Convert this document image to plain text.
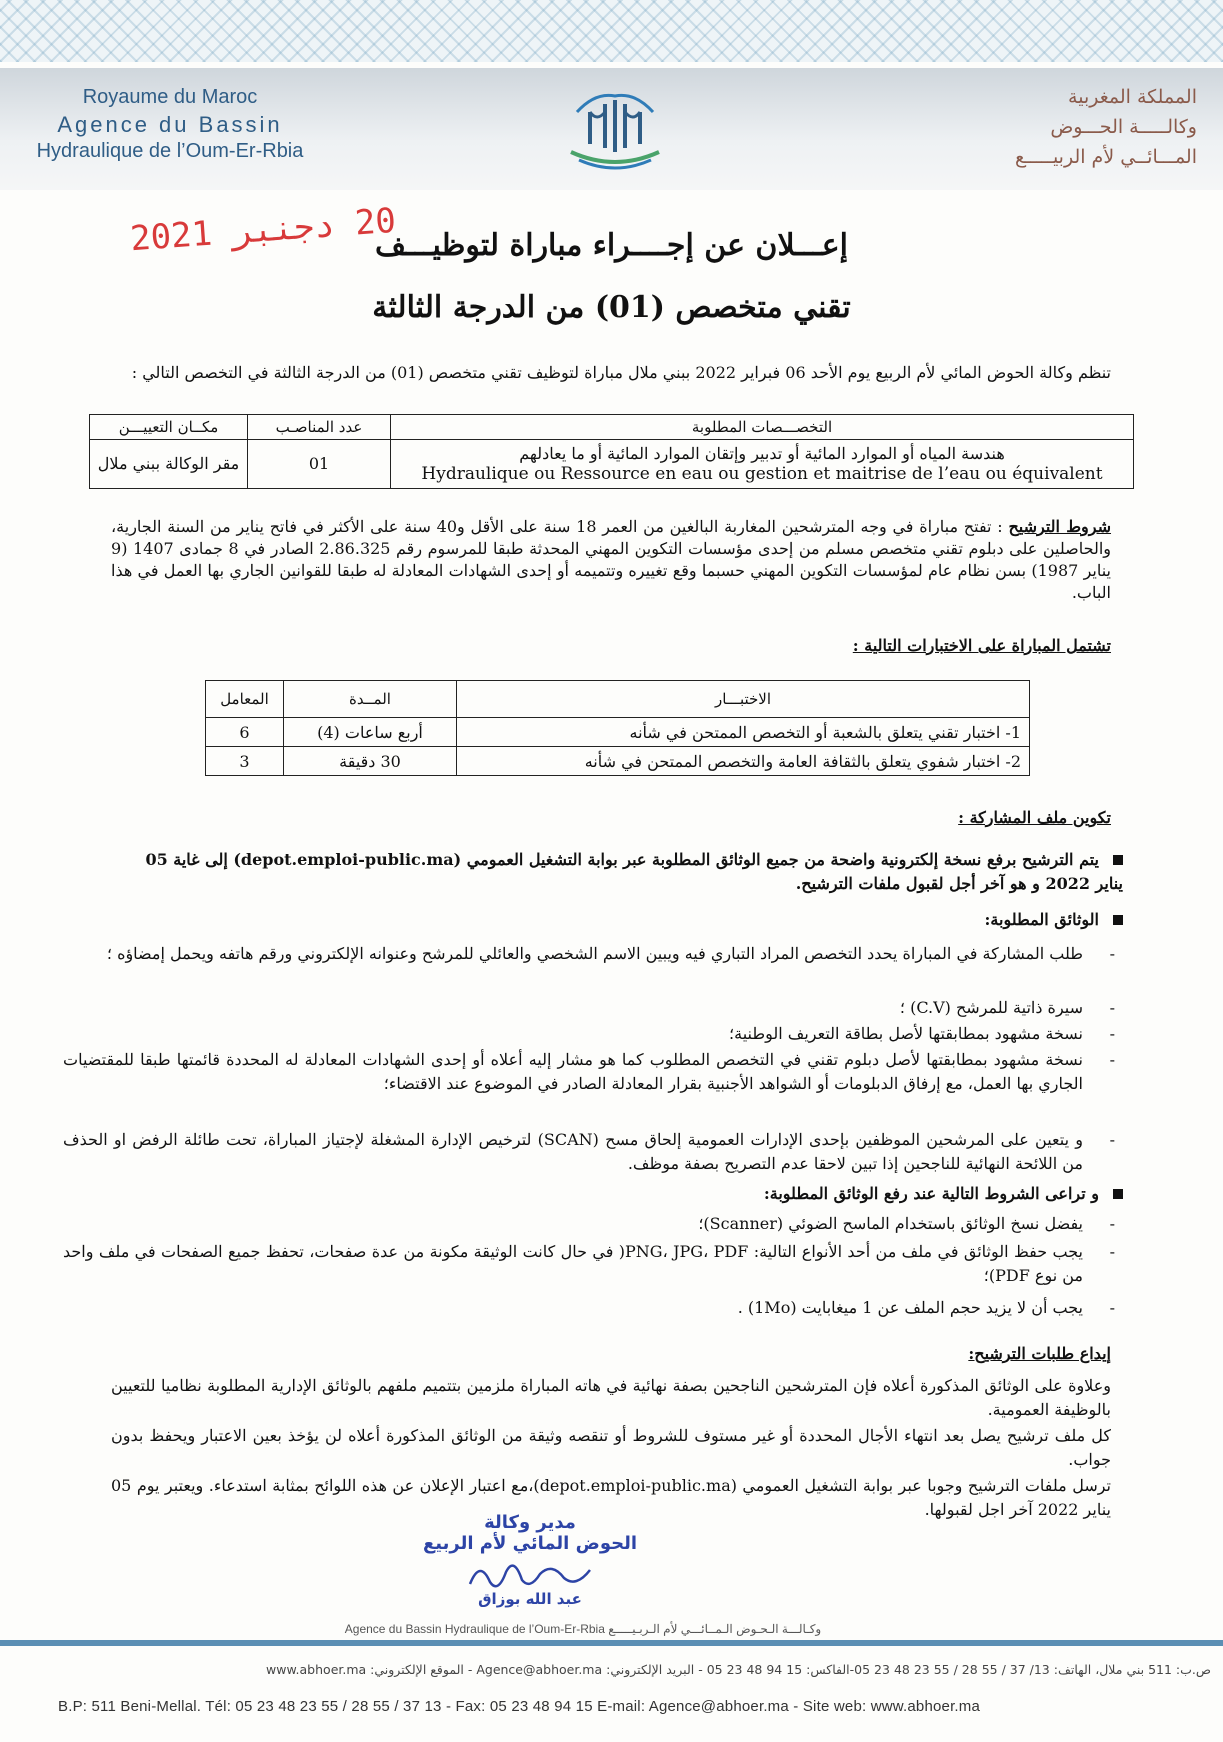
Royaume du Maroc
Agence du Bassin
Hydraulique de l’Oum-Er-Rbia
المملكة المغربية
وكالـــــة الحـــوض
المـــائــي لأم الربيـــــع
20 دجنبر 2021
إعـــلان عن إجــــراء مباراة لتوظيـــف
تقني متخصص (01) من الدرجة الثالثة
تنظم وكالة الحوض المائي لأم الربيع يوم الأحد 06 فبراير 2022 ببني ملال مباراة لتوظيف تقني متخصص (01) من الدرجة الثالثة في التخصص التالي :
التخصـــصات المطلوبة	عدد المناصـب	مكــان التعييـــن

هندسة المياه أو الموارد المائية أو تدبير وإتقان الموارد المائية أو ما يعادلهم
Hydraulique ou Ressource en eau ou gestion et maitrise de l’eau ou équivalent	01	مقر الوكالة ببني ملال
شروط الترشيح : تفتح مباراة في وجه المترشحين المغاربة البالغين من العمر 18 سنة على الأقل و40 سنة على الأكثر في فاتح يناير من السنة الجارية، والحاصلين على دبلوم تقني متخصص مسلم من إحدى مؤسسات التكوين المهني المحدثة طبقا للمرسوم رقم 2.86.325 الصادر في 8 جمادى 1407 (9 يناير 1987) بسن نظام عام لمؤسسات التكوين المهني حسبما وقع تغييره وتتميمه أو إحدى الشهادات المعادلة له طبقا للقوانين الجاري بها العمل في هذا الباب.
تشتمل المباراة على الاختبارات التالية :
الاختبـــار	المــدة	المعامل
1- اختبار تقني يتعلق بالشعبة أو التخصص الممتحن في شأنه	أربع ساعات (4)	6
2- اختبار شفوي يتعلق بالثقافة العامة والتخصص الممتحن في شأنه	30 دقيقة	3
تكوين ملف المشاركة :
يتم الترشيح برفع نسخة إلكترونية واضحة من جميع الوثائق المطلوبة عبر بوابة التشغيل العمومي (depot.emploi-public.ma) إلى غاية 05 يناير 2022 و هو آخر أجل لقبول ملفات الترشيح.
الوثائق المطلوبة:
- طلب المشاركة في المباراة يحدد التخصص المراد التباري فيه ويبين الاسم الشخصي والعائلي للمرشح وعنوانه الإلكتروني ورقم هاتفه ويحمل إمضاؤه ؛
- سيرة ذاتية للمرشح (C.V) ؛
- نسخة مشهود بمطابقتها لأصل بطاقة التعريف الوطنية؛
- نسخة مشهود بمطابقتها لأصل دبلوم تقني في التخصص المطلوب كما هو مشار إليه أعلاه أو إحدى الشهادات المعادلة له المحددة قائمتها طبقا للمقتضيات الجاري بها العمل، مع إرفاق الدبلومات أو الشواهد الأجنبية بقرار المعادلة الصادر في الموضوع عند الاقتضاء؛
- و يتعين على المرشحين الموظفين بإحدى الإدارات العمومية إلحاق مسح (SCAN) لترخيص الإدارة المشغلة لإجتياز المباراة، تحت طائلة الرفض او الحذف من اللائحة النهائية للناجحين إذا تبين لاحقا عدم التصريح بصفة موظف.
و تراعى الشروط التالية عند رفع الوثائق المطلوبة:
- يفضل نسخ الوثائق باستخدام الماسح الضوئي (Scanner)؛
- يجب حفظ الوثائق في ملف من أحد الأنواع التالية: PNG، JPG، PDF( في حال كانت الوثيقة مكونة من عدة صفحات، تحفظ جميع الصفحات في ملف واحد من نوع PDF)؛
- يجب أن لا يزيد حجم الملف عن 1 ميغابايت (1Mo) .
إيداع طلبات الترشيح:
وعلاوة على الوثائق المذكورة أعلاه فإن المترشحين الناجحين بصفة نهائية في هاته المباراة ملزمين بتتميم ملفهم بالوثائق الإدارية المطلوبة نظاميا للتعيين بالوظيفة العمومية.
كل ملف ترشيح يصل بعد انتهاء الأجال المحددة أو غير مستوف للشروط أو تنقصه وثيقة من الوثائق المذكورة أعلاه لن يؤخذ بعين الاعتبار ويحفظ بدون جواب.
ترسل ملفات الترشيح وجوبا عبر بوابة التشغيل العمومي (depot.emploi-public.ma)،مع اعتبار الإعلان عن هذه اللوائح بمثابة استدعاء. ويعتبر يوم 05 يناير 2022 آخر اجل لقبولها.
مدير وكالة
الحوض المائي لأم الربيع
عبد الله بوزاق
Agence du Bassin Hydraulique de l’Oum-Er-Rbia وكـالـــة الـحـوض الـمــائـــي لأم الـربـيـــــع
ص.ب: 511 بني ملال، الهاتف: 13/ 37 / 55 28 / 55 23 48 23 05-الفاكس: 15 94 48 23 05 - البريد الإلكتروني: Agence@abhoer.ma - الموقع الإلكتروني: www.abhoer.ma
B.P: 511 Beni-Mellal. Tél: 05 23 48 23 55 / 28 55 / 37 13 - Fax: 05 23 48 94 15 E-mail: Agence@abhoer.ma - Site web: www.abhoer.ma
